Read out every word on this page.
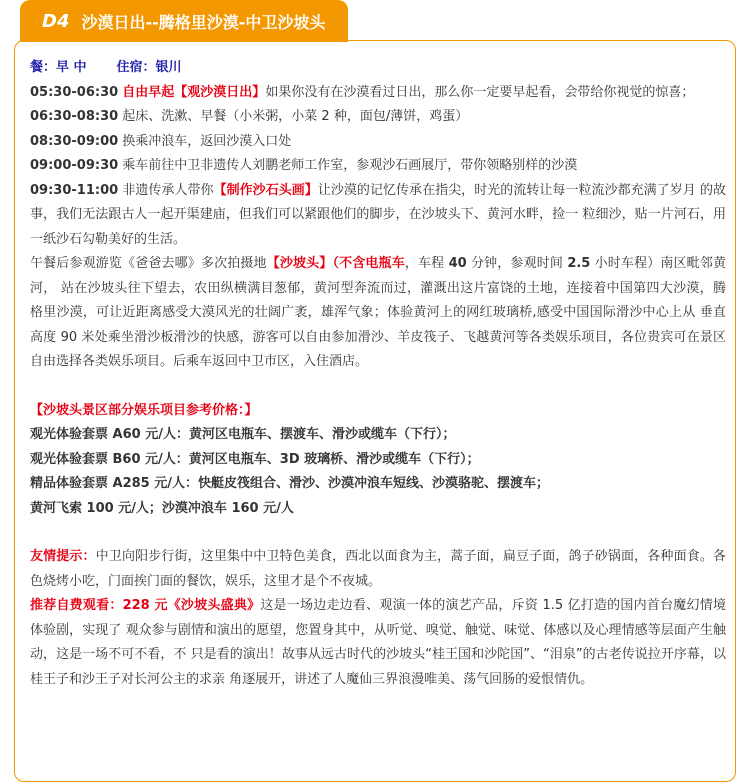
D4 沙漠日出--腾格里沙漠-中卫沙坡头

餐：早 中 住宿：银川

05:30-06:30 自由早起【观沙漠日出】如果你没有在沙漠看过日出，那么你一定要早起看，会带给你视觉的惊喜；

06:30-08:30 起床、洗漱、早餐（小米粥，小菜 2 种，面包/薄饼，鸡蛋）

08:30-09:00 换乘冲浪车，返回沙漠入口处

09:00-09:30 乘车前往中卫非遗传人刘鹏老师工作室，参观沙石画展厅，带你领略别样的沙漠

09:30-11:00 非遗传承人带你【制作沙石头画】让沙漠的记忆传承在指尖，时光的流转让每一粒流沙都充满了岁月 的故事，我们无法跟古人一起开渠建庙，但我们可以紧跟他们的脚步，在沙坡头下、黄河水畔，捡一 粒细沙，贴一片河石，用一纸沙石勾勒美好的生活。

午餐后参观游览《爸爸去哪》多次拍摄地【沙坡头】（不含电瓶车，车程 40 分钟，参观时间 2.5 小时车程）南区毗邻黄河， 站在沙坡头往下望去，农田纵横满目葱郁，黄河型奔流而过，灌溉出这片富饶的土地，连接着中国第四大沙漠，腾 格里沙漠，可让近距离感受大漠风光的壮阔广袤，雄浑气象；体验黄河上的网红玻璃桥,感受中国国际滑沙中心上从 垂直高度 90 米处乘坐滑沙板滑沙的快感，游客可以自由参加滑沙、羊皮筏子、飞越黄河等各类娱乐项目，各位贵宾可在景区自由选择各类娱乐项目。后乘车返回中卫市区，入住酒店。

【沙坡头景区部分娱乐项目参考价格：】

观光体验套票 A60 元/人：黄河区电瓶车、摆渡车、滑沙或缆车（下行）；

观光体验套票 B60 元/人：黄河区电瓶车、3D 玻璃桥、滑沙或缆车（下行）；

精品体验套票 A285 元/人：快艇皮筏组合、滑沙、沙漠冲浪车短线、沙漠骆驼、摆渡车；

黄河飞索 100 元/人；沙漠冲浪车 160 元/人

友情提示：中卫向阳步行街，这里集中中卫特色美食，西北以面食为主，蒿子面，扁豆子面，鸽子砂锅面，各种面食。各色烧烤小吃，门面挨门面的餐饮，娱乐，这里才是个不夜城。

推荐自费观看：228 元《沙坡头盛典》这是一场边走边看、观演一体的演艺产品，斥资 1.5 亿打造的国内首台魔幻情境体验剧，实现了 观众参与剧情和演出的愿望，您置身其中，从听觉、嗅觉、触觉、味觉、体感以及心理情感等层面产生触动，这是一场不可不看，不 只是看的演出！故事从远古时代的沙坡头“桂王国和沙陀国”、“泪泉”的古老传说拉开序幕，以桂王子和沙王子对长河公主的求亲 角逐展开，讲述了人魔仙三界浪漫唯美、荡气回肠的爱恨情仇。
